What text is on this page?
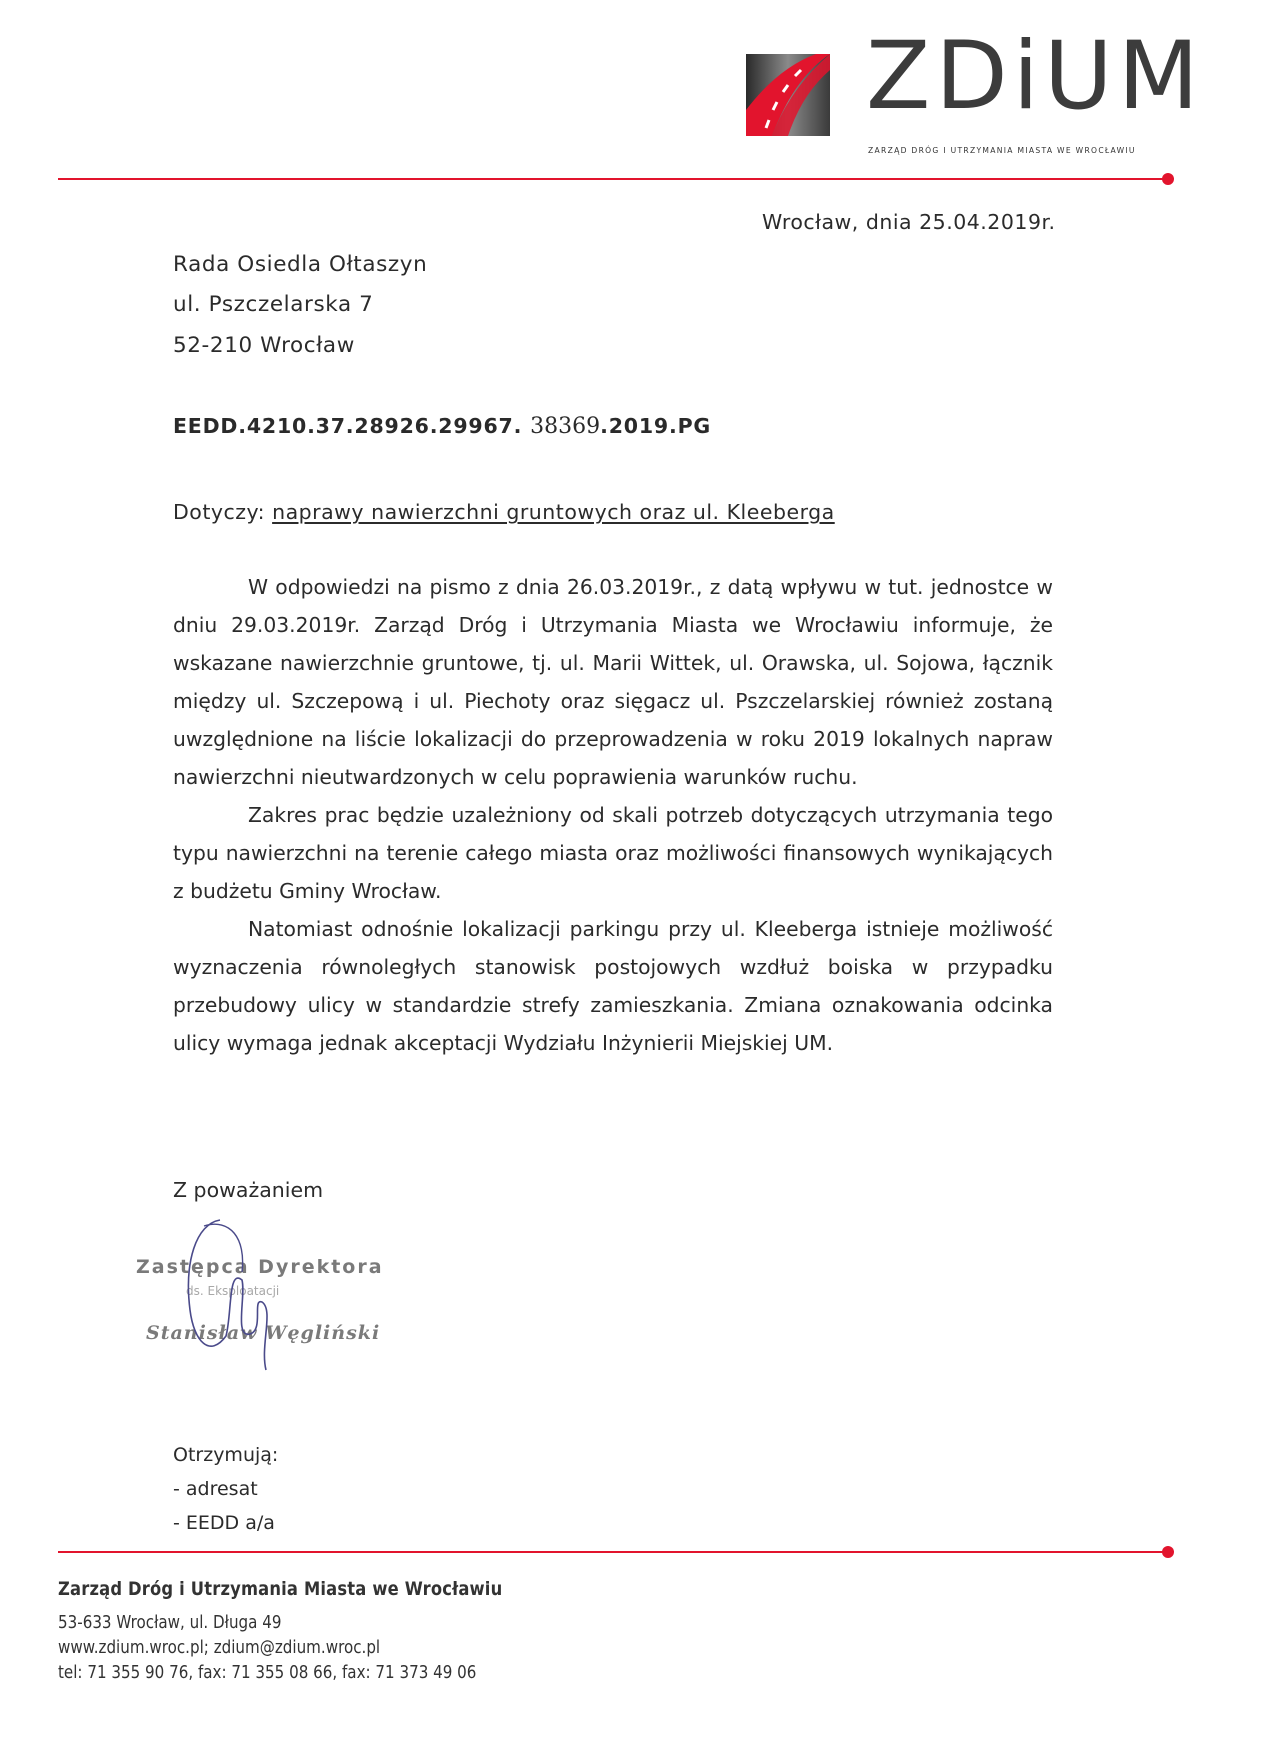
ZDiUM
ZARZĄD DRÓG I UTRZYMANIA MIASTA WE WROCŁAWIU
Wrocław, dnia 25.04.2019r.
Rada Osiedla Ołtaszyn
ul. Pszczelarska 7
52-210 Wrocław
EEDD.4210.37.28926.29967. 38369.2019.PG
Dotyczy: naprawy nawierzchni gruntowych oraz ul. Kleeberga

W odpowiedzi na pismo z dnia 26.03.2019r., z datą wpływu w tut. jednostce w dniu 29.03.2019r. Zarząd Dróg i Utrzymania Miasta we Wrocławiu informuje, że wskazane nawierzchnie gruntowe, tj. ul. Marii Wittek, ul. Orawska, ul. Sojowa, łącznik między ul. Szczepową i ul. Piechoty oraz sięgacz ul. Pszczelarskiej również zostaną uwzględnione na liście lokalizacji do przeprowadzenia w roku 2019 lokalnych napraw nawierzchni nieutwardzonych w celu poprawienia warunków ruchu.

Zakres prac będzie uzależniony od skali potrzeb dotyczących utrzymania tego typu nawierzchni na terenie całego miasta oraz możliwości finansowych wynikających z budżetu Gminy Wrocław.

Natomiast odnośnie lokalizacji parkingu przy ul. Kleeberga istnieje możliwość wyznaczenia równoległych stanowisk postojowych wzdłuż boiska w przypadku przebudowy ulicy w standardzie strefy zamieszkania. Zmiana oznakowania odcinka ulicy wymaga jednak akceptacji Wydziału Inżynierii Miejskiej UM.

Z poważaniem
Zastępca Dyrektora
ds. Eksploatacji
Stanisław Węgliński
Otrzymują:
- adresat
- EEDD a/a
Zarząd Dróg i Utrzymania Miasta we Wrocławiu
53-633 Wrocław, ul. Długa 49
www.zdium.wroc.pl; zdium@zdium.wroc.pl
tel: 71 355 90 76, fax: 71 355 08 66, fax: 71 373 49 06
